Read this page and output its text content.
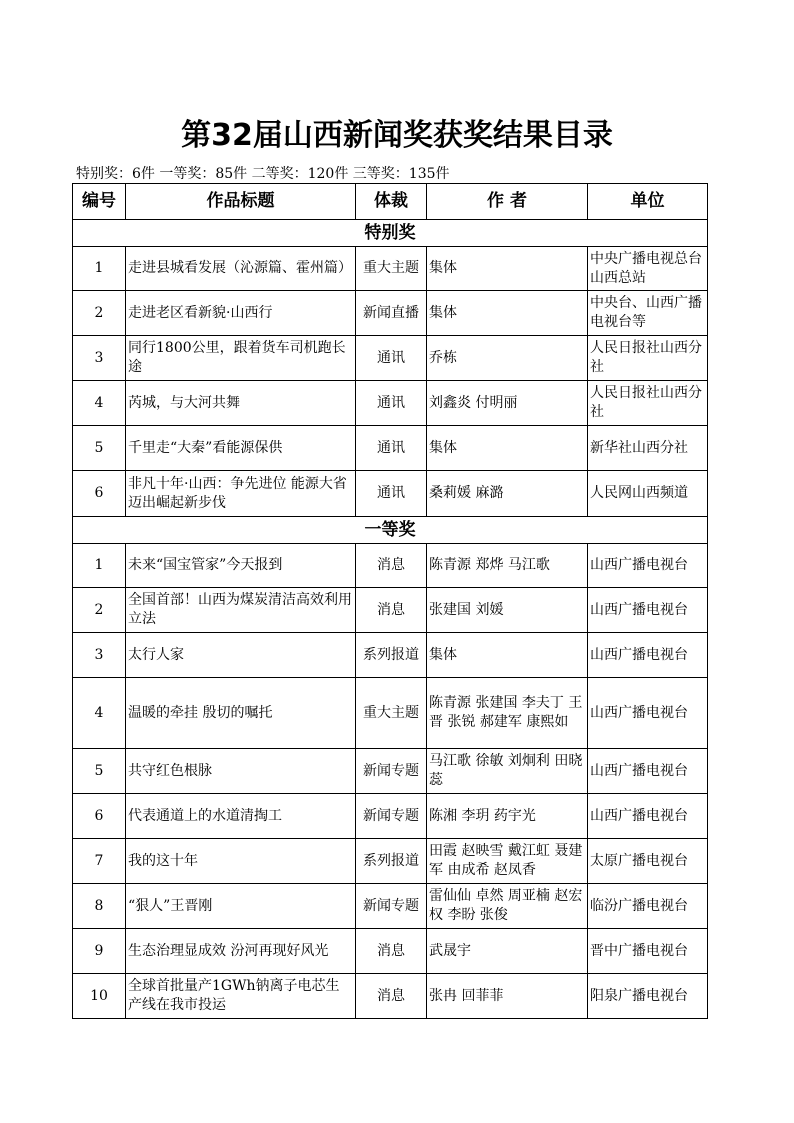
第32届山西新闻奖获奖结果目录
特别奖：6件 一等奖：85件 二等奖：120件 三等奖：135件
编号	作品标题	体裁	作 者	单位
特别奖				
1	走进县城看发展（沁源篇、霍州篇）	重大主题	集体	中央广播电视总台山西总站
2	走进老区看新貌·山西行	新闻直播	集体	中央台、山西广播电视台等
3	同行1800公里，跟着货车司机跑长途	通讯	乔栋	人民日报社山西分社
4	芮城，与大河共舞	通讯	刘鑫炎 付明丽	人民日报社山西分社
5	千里走“大秦”看能源保供	通讯	集体	新华社山西分社
6	非凡十年·山西：争先进位 能源大省迈出崛起新步伐	通讯	桑莉媛 麻潞	人民网山西频道
一等奖				
1	未来“国宝管家”今天报到	消息	陈青源 郑烨 马江歌	山西广播电视台
2	全国首部！山西为煤炭清洁高效利用立法	消息	张建国 刘媛	山西广播电视台
3	太行人家	系列报道	集体	山西广播电视台
4	温暖的牵挂 殷切的嘱托	重大主题	陈青源 张建国 李夫丁 王晋 张锐 郝建军 康熙如	山西广播电视台
5	共守红色根脉	新闻专题	马江歌 徐敏 刘炯利 田晓蕊	山西广播电视台
6	代表通道上的水道清掏工	新闻专题	陈湘 李玥 药宇光	山西广播电视台
7	我的这十年	系列报道	田霞 赵映雪 戴江虹 聂建军 由成希 赵凤香	太原广播电视台
8	“狠人”王晋刚	新闻专题	雷仙仙 卓然 周亚楠 赵宏权 李盼 张俊	临汾广播电视台
9	生态治理显成效 汾河再现好风光	消息	武晟宇	晋中广播电视台
10	全球首批量产1GWh钠离子电芯生产线在我市投运	消息	张冉 回菲菲	阳泉广播电视台
